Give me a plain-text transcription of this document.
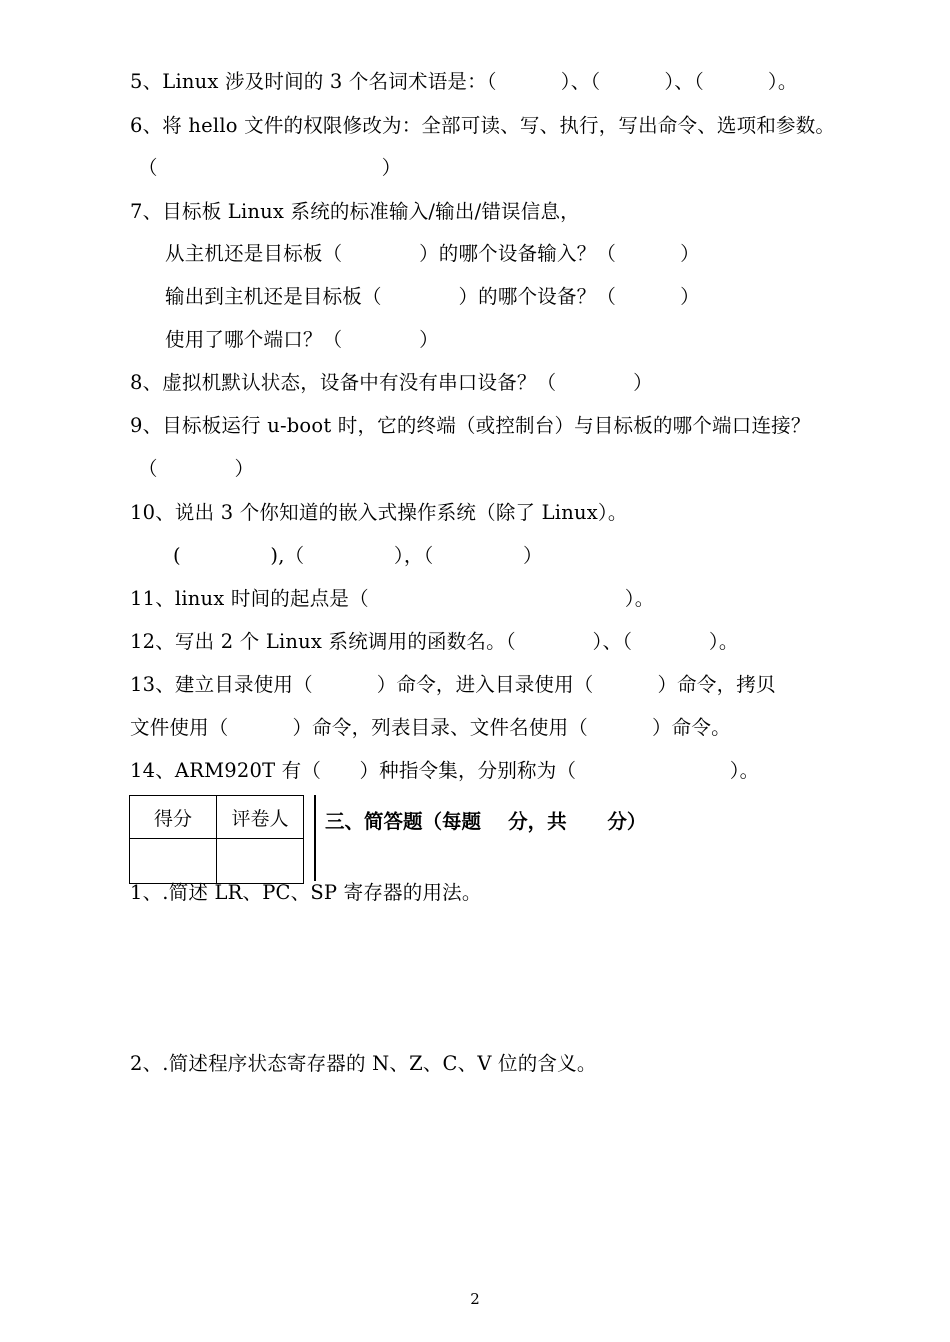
5、Linux 涉及时间的 3 个名词术语是：（          ）、（          ）、（          ）。
6、将 hello 文件的权限修改为：全部可读、写、执行，写出命令、选项和参数。
（                                   ）
7、目标板 Linux 系统的标准输入/输出/错误信息，
从主机还是目标板（            ）的哪个设备输入？（          ）
输出到主机还是目标板（            ）的哪个设备？（          ）
使用了哪个端口？（            ）
8、虚拟机默认状态，设备中有没有串口设备？（            ）
9、目标板运行 u-boot 时，它的终端（或控制台）与目标板的哪个端口连接？
（            ）
10、说出 3 个你知道的嵌入式操作系统（除了 Linux）。
(              ),（              ），（              ）
11、linux 时间的起点是（                                        ）。
12、写出 2 个 Linux 系统调用的函数名。（            ）、（            ）。
13、建立目录使用（          ）命令，进入目录使用（          ）命令，拷贝
文件使用（          ）命令，列表目录、文件名使用（          ）命令。
14、ARM920T 有（      ）种指令集，分别称为（                        ）。
得分	评卷人
	三、简答题（每题    分，共      分）
1、.简述 LR、PC、SP 寄存器的用法。
2、.简述程序状态寄存器的 N、Z、C、V 位的含义。
2
